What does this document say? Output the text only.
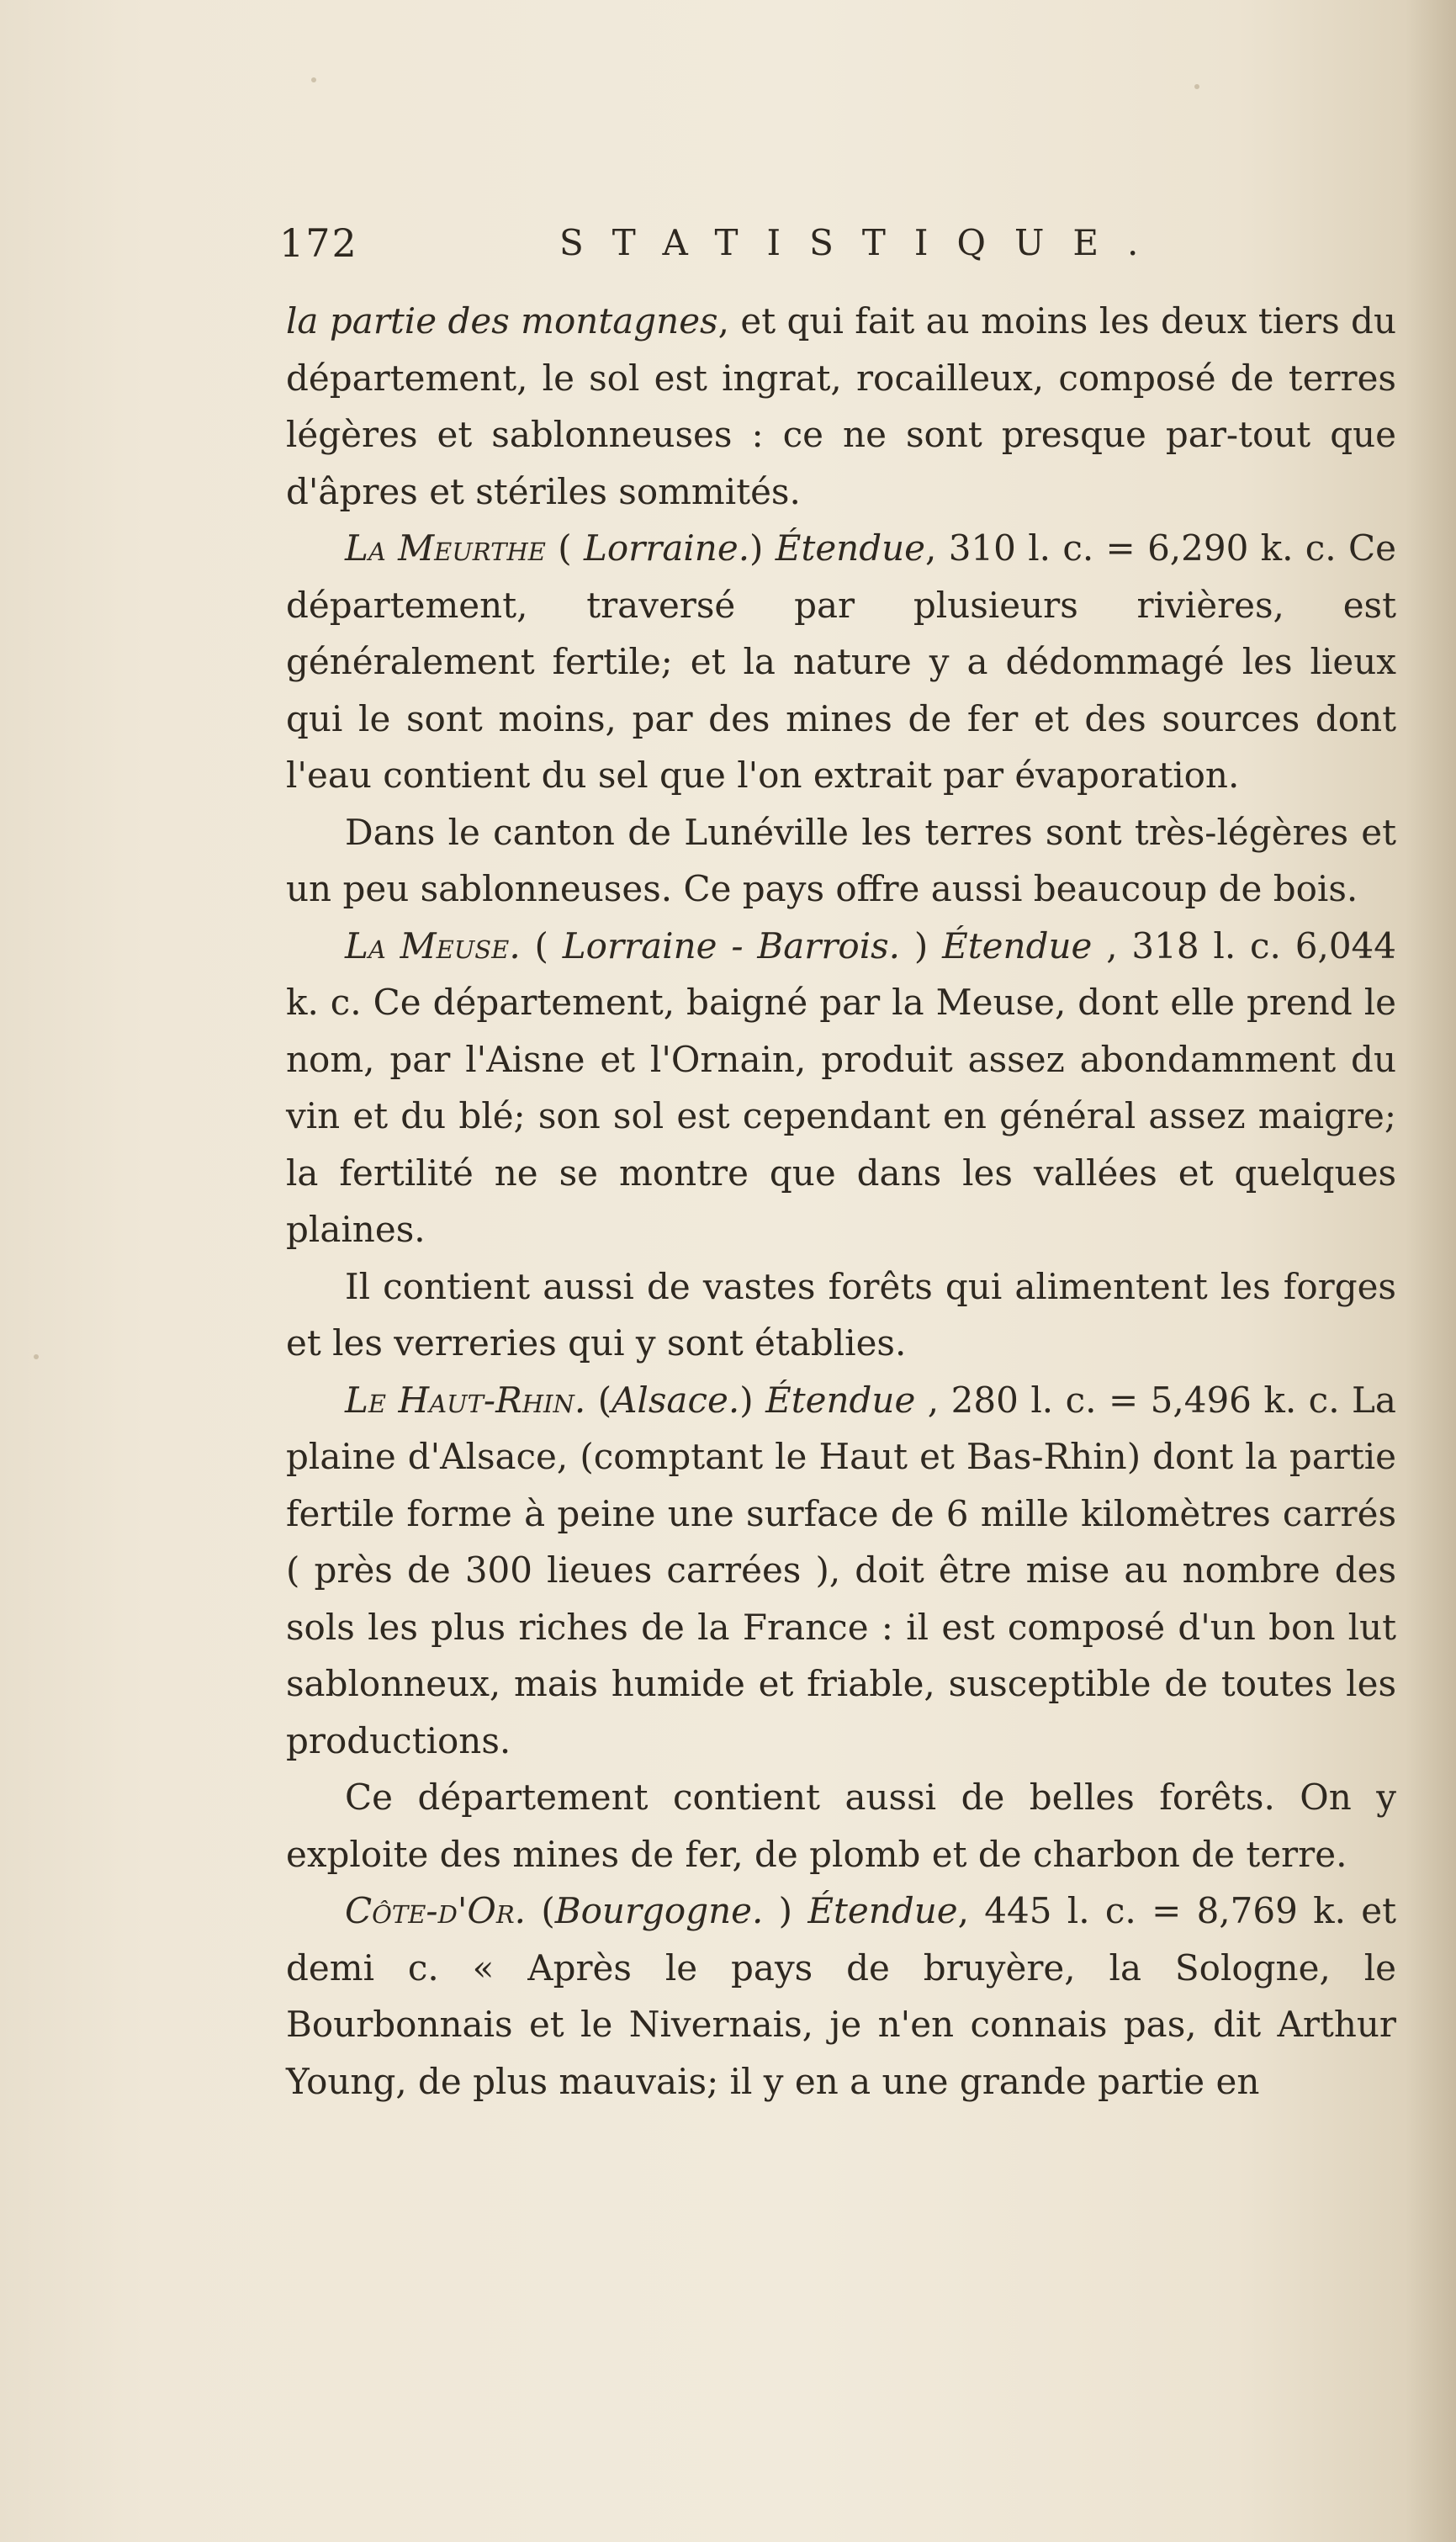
172	STATISTIQUE.

la partie des montagnes, et qui fait au moins les deux tiers du département, le sol est ingrat, rocailleux, composé de terres légères et sablonneuses : ce ne sont presque par-tout que d'âpres et stériles sommités.

La Meurthe ( Lorraine.) Étendue, 310 l. c. = 6,290 k. c. Ce département, traversé par plusieurs rivières, est généralement fertile; et la nature y a dédommagé les lieux qui le sont moins, par des mines de fer et des sources dont l'eau contient du sel que l'on extrait par évaporation.

Dans le canton de Lunéville les terres sont très-légères et un peu sablonneuses. Ce pays offre aussi beaucoup de bois.

La Meuse. ( Lorraine - Barrois. ) Étendue , 318 l. c. 6,044 k. c. Ce département, baigné par la Meuse, dont elle prend le nom, par l'Aisne et l'Ornain, produit assez abondamment du vin et du blé; son sol est cependant en général assez maigre; la fertilité ne se montre que dans les vallées et quelques plaines.

Il contient aussi de vastes forêts qui alimentent les forges et les verreries qui y sont établies.

Le Haut-Rhin. (Alsace.) Étendue , 280 l. c. = 5,496 k. c. La plaine d'Alsace, (comptant le Haut et Bas-Rhin) dont la partie fertile forme à peine une surface de 6 mille kilomètres carrés ( près de 300 lieues carrées ), doit être mise au nombre des sols les plus riches de la France : il est composé d'un bon lut sablonneux, mais humide et friable, susceptible de toutes les productions.

Ce département contient aussi de belles forêts. On y exploite des mines de fer, de plomb et de charbon de terre.

Côte-d'Or. (Bourgogne. ) Étendue, 445 l. c. = 8,769 k. et demi c. « Après le pays de bruyère, la Sologne, le Bourbonnais et le Nivernais, je n'en connais pas, dit Arthur Young, de plus mauvais; il y en a une grande partie en
